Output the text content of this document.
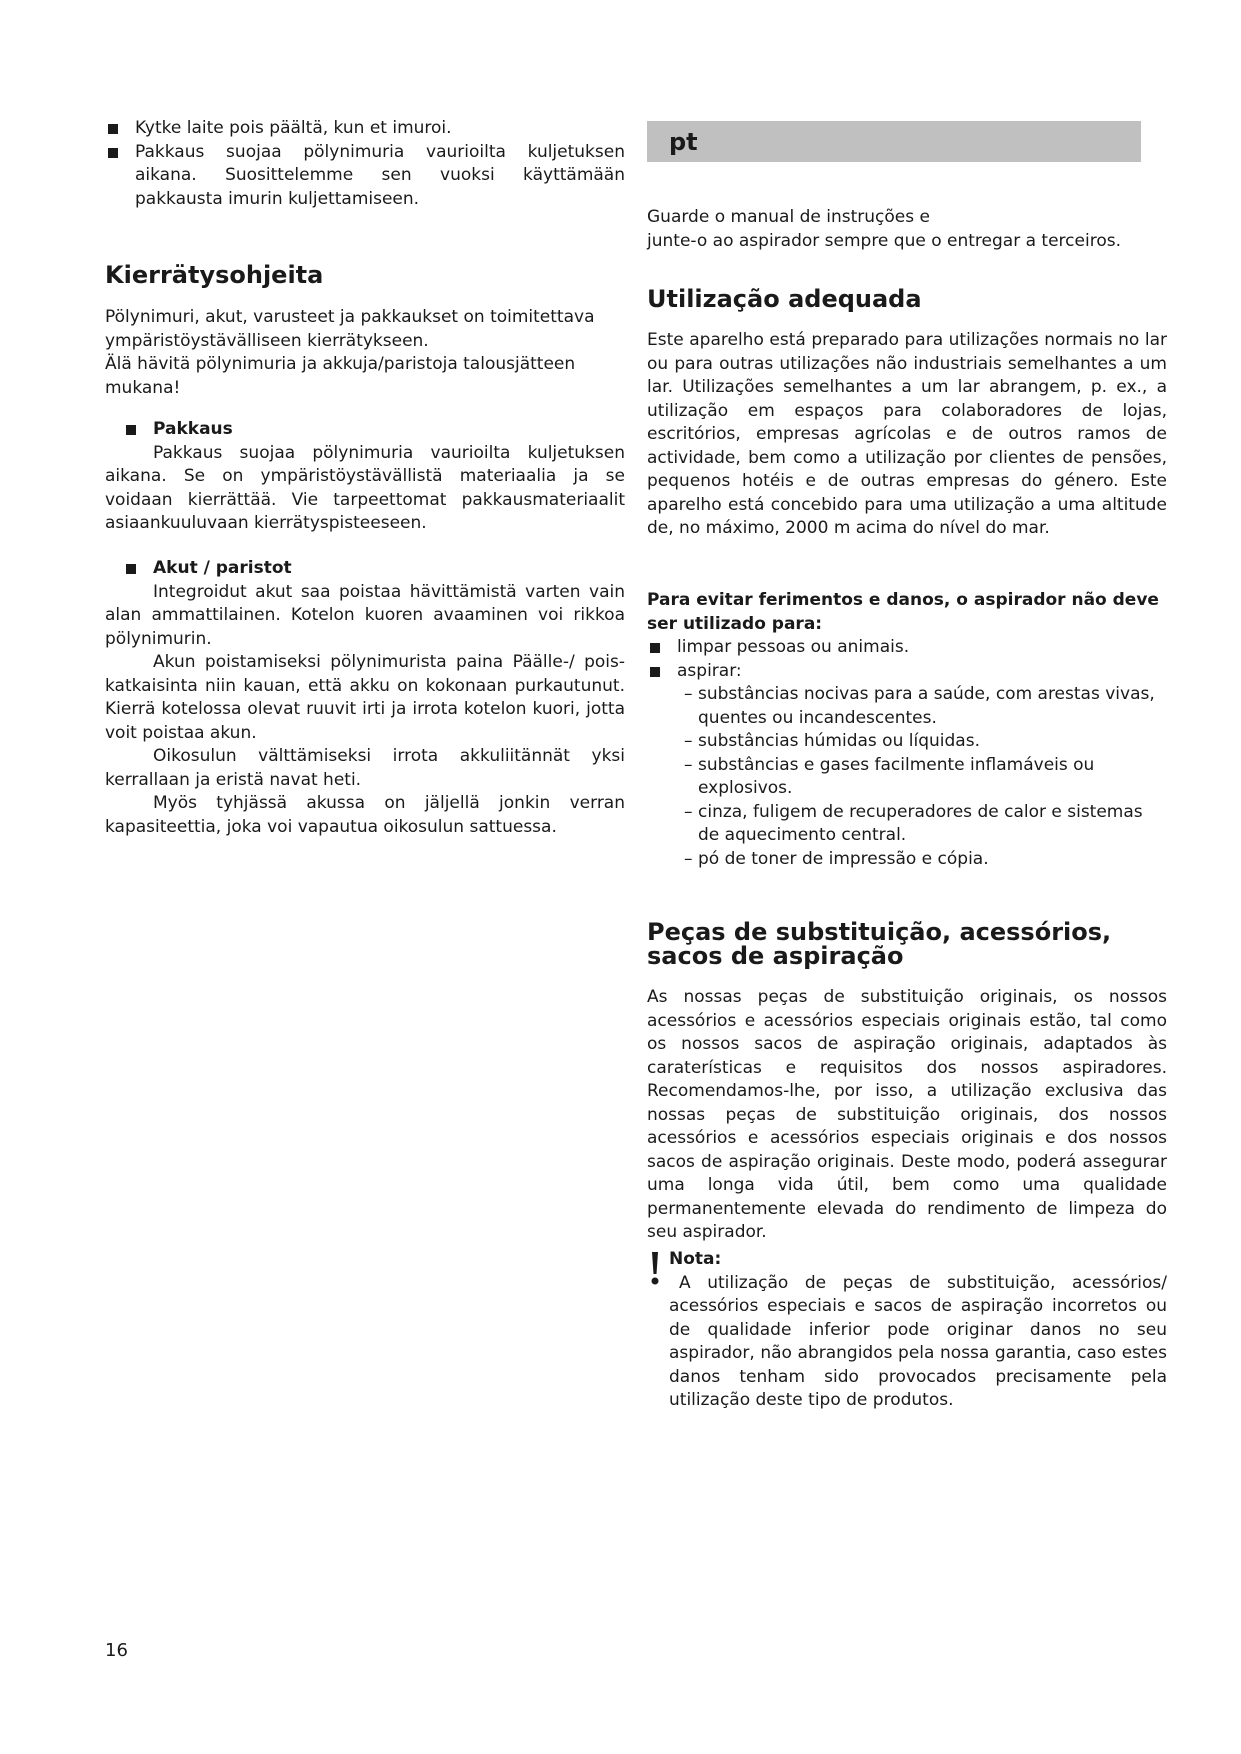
Kytke laite pois päältä, kun et imuroi.
Pakkaus suojaa pölynimuria vaurioilta kuljetuksen aikana. Suosittelemme sen vuoksi käyttämään pakkausta imurin kuljettamiseen.
Kierrätysohjeita

Pölynimuri, akut, varusteet ja pakkaukset on toimitettava ympäristöystävälliseen kierrätykseen.

Älä hävitä pölynimuria ja akkuja/paristoja talousjätteen mukana!

Pakkaus

Pakkaus suojaa pölynimuria vaurioilta kuljetuksen aikana. Se on ympäristöystävällistä materiaalia ja se voidaan kierrättää. Vie tarpeettomat pakkausmateriaalit asiaankuuluvaan kierrätyspisteeseen.

Akut / paristot

Integroidut akut saa poistaa hävittämistä varten vain alan ammattilainen. Kotelon kuoren avaaminen voi rikkoa pölynimurin.

Akun poistamiseksi pölynimurista paina Päälle-/ pois-katkaisinta niin kauan, että akku on kokonaan purkautunut. Kierrä kotelossa olevat ruuvit irti ja irrota kotelon kuori, jotta voit poistaa akun.

Oikosulun välttämiseksi irrota akkuliitännät yksi kerrallaan ja eristä navat heti.

Myös tyhjässä akussa on jäljellä jonkin verran kapasiteettia, joka voi vapautua oikosulun sattuessa.

pt

Guarde o manual de instruções e

junte-o ao aspirador sempre que o entregar a terceiros.

Utilização adequada

Este aparelho está preparado para utilizações normais no lar ou para outras utilizações não industriais semelhantes a um lar. Utilizações semelhantes a um lar abrangem, p. ex., a utilização em espaços para colaboradores de lojas, escritórios, empresas agrícolas e de outros ramos de actividade, bem como a utilização por clientes de pensões, pequenos hotéis e de outras empresas do género. Este aparelho está concebido para uma utilização a uma altitude de, no máximo, 2000 m acima do nível do mar.

Para evitar ferimentos e danos, o aspirador não deve ser utilizado para:

limpar pessoas ou animais.
aspirar:
– substâncias nocivas para a saúde, com arestas vivas, quentes ou incandescentes.
– substâncias húmidas ou líquidas.
– substâncias e gases facilmente inflamáveis ou explosivos.
– cinza, fuligem de recuperadores de calor e sistemas de aquecimento central.
– pó de toner de impressão e cópia.
Peças de substituição, acessórios, sacos de aspiração

As nossas peças de substituição originais, os nossos acessórios e acessórios especiais originais estão, tal como os nossos sacos de aspiração originais, adaptados às caraterísticas e requisitos dos nossos aspiradores. Recomendamos-lhe, por isso, a utilização exclusiva das nossas peças de substituição originais, dos nossos acessórios e acessórios especiais originais e dos nossos sacos de aspiração originais. Deste modo, poderá assegurar uma longa vida útil, bem como uma qualidade permanentemente elevada do rendimento de limpeza do seu aspirador.

Nota:

A utilização de peças de substituição, acessórios/ acessórios especiais e sacos de aspiração incorretos ou de qualidade inferior pode originar danos no seu aspirador, não abrangidos pela nossa garantia, caso estes danos tenham sido provocados precisamente pela utilização deste tipo de produtos.

16
